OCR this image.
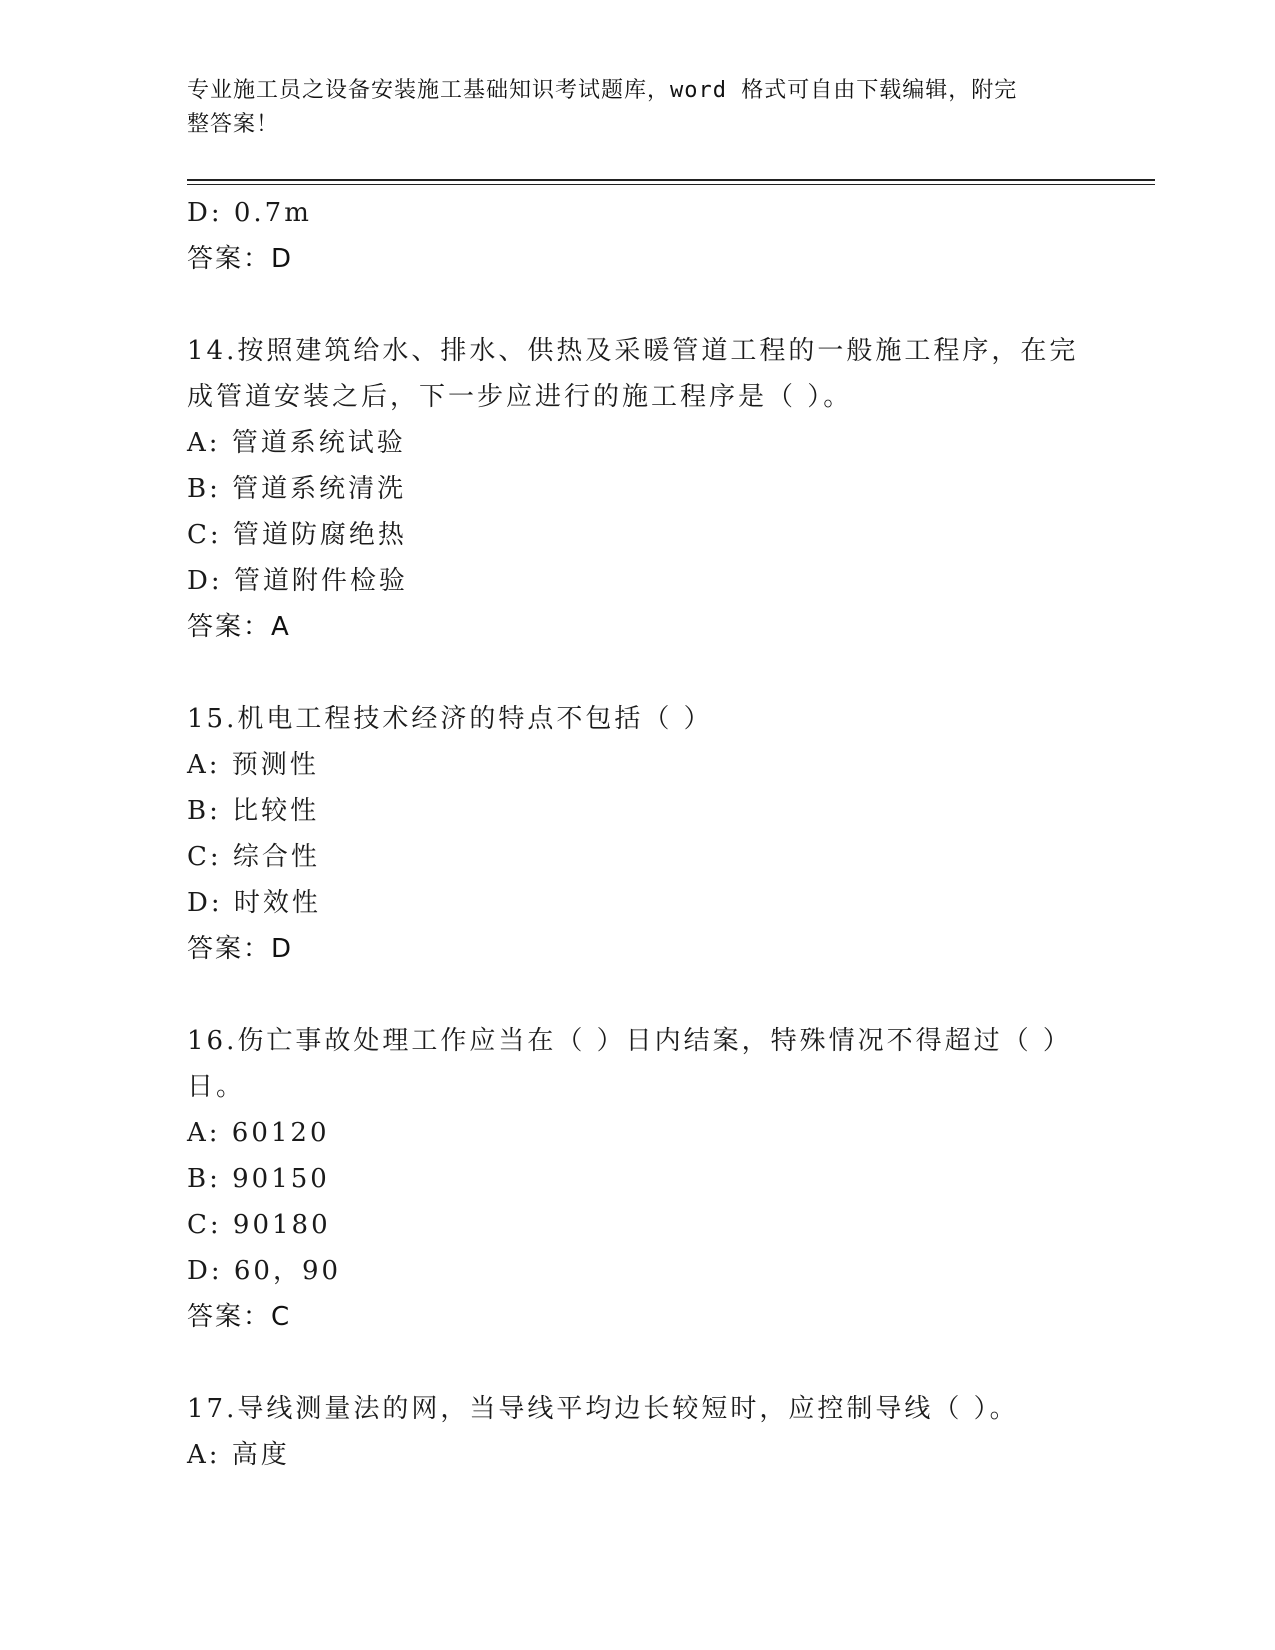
专业施工员之设备安装施工基础知识考试题库，word 格式可自由下载编辑，附完
整答案！
D: 0.7m
答案：D
14.按照建筑给水、排水、供热及采暖管道工程的一般施工程序，在完
成管道安装之后，下一步应进行的施工程序是（ ）。
A: 管道系统试验
B: 管道系统清洗
C: 管道防腐绝热
D: 管道附件检验
答案：A
15.机电工程技术经济的特点不包括（ ）
A: 预测性
B: 比较性
C: 综合性
D: 时效性
答案：D
16.伤亡事故处理工作应当在（ ）日内结案，特殊情况不得超过（ ）
日。
A: 60120
B: 90150
C: 90180
D: 60，90
答案：C
17.导线测量法的网，当导线平均边长较短时，应控制导线（ ）。
A: 高度
